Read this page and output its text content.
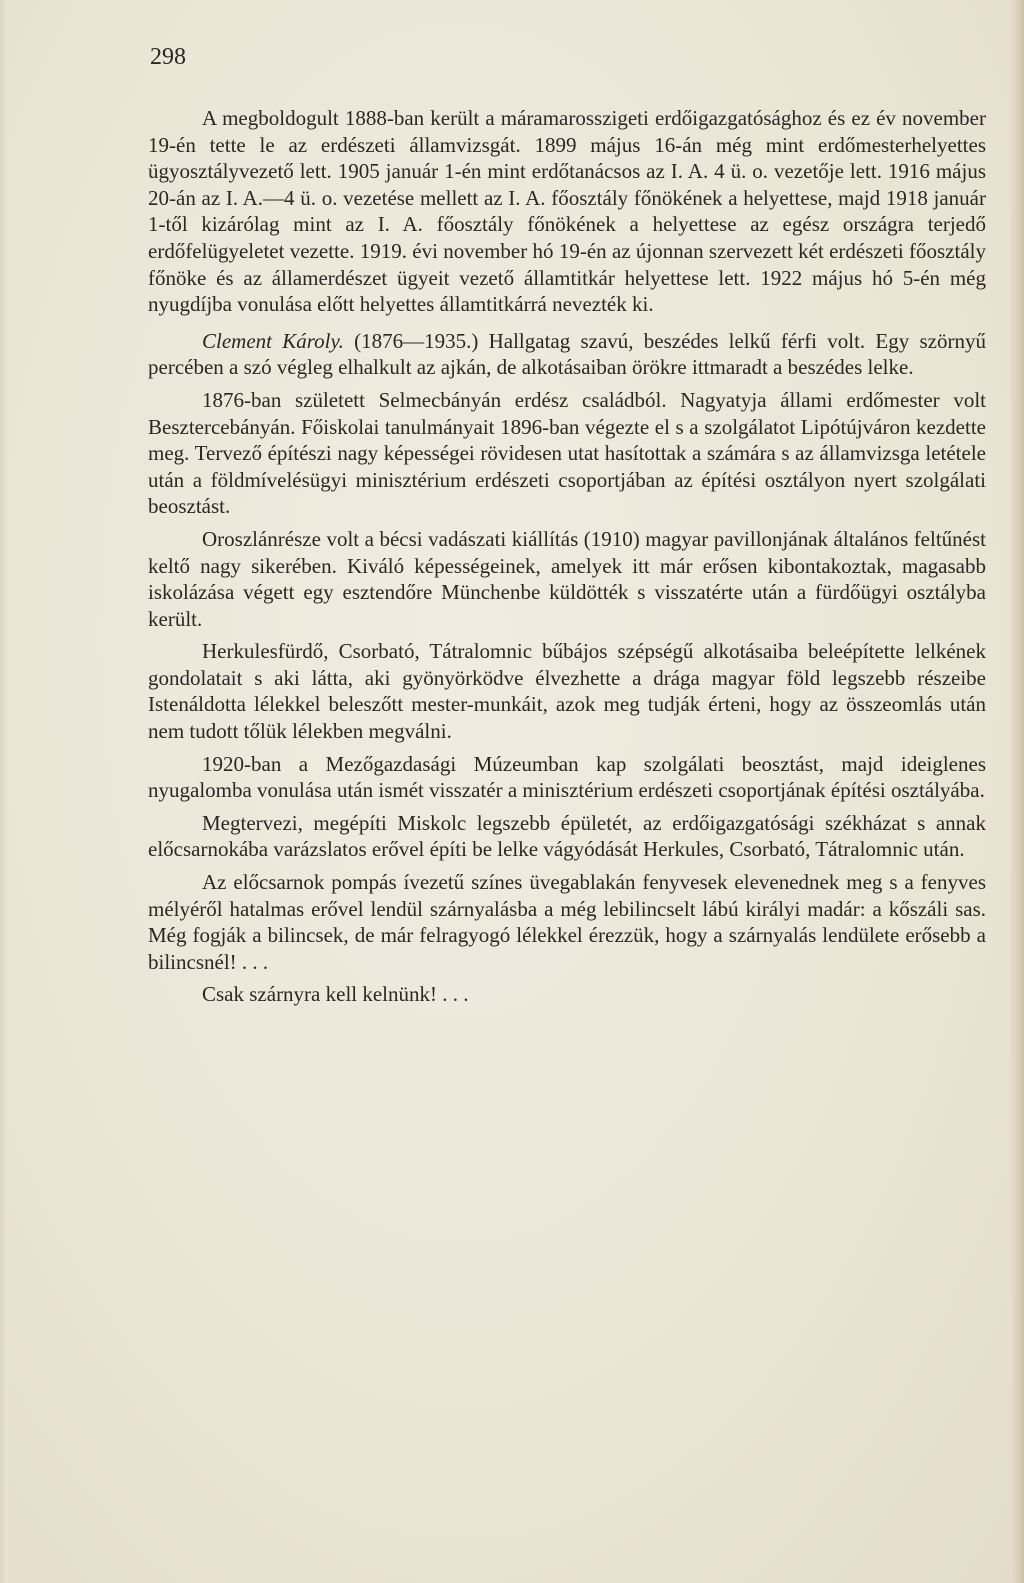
298

A megboldogult 1888-ban került a máramarosszigeti erdőigazgatósághoz és ez év november 19-én tette le az erdészeti államvizsgát. 1899 május 16-án még mint erdőmesterhelyettes ügyosztályvezető lett. 1905 január 1-én mint erdőtanácsos az I. A. 4 ü. o. vezetője lett. 1916 május 20-án az I. A.—4 ü. o. vezetése mellett az I. A. főosztály főnökének a helyettese, majd 1918 január 1-től kizárólag mint az I. A. főosztály főnökének a helyettese az egész országra terjedő erdőfelügyeletet vezette. 1919. évi november hó 19-én az újonnan szervezett két erdészeti főosztály főnöke és az államerdészet ügyeit vezető államtitkár helyettese lett. 1922 május hó 5-én még nyugdíjba vonulása előtt helyettes államtitkárrá nevezték ki.

Clement Károly. (1876—1935.) Hallgatag szavú, beszédes lelkű férfi volt. Egy szörnyű percében a szó végleg elhalkult az ajkán, de alkotásaiban örökre ittmaradt a beszédes lelke.

1876-ban született Selmecbányán erdész családból. Nagyatyja állami erdőmester volt Besztercebányán. Főiskolai tanulmányait 1896-ban végezte el s a szolgálatot Lipótújváron kezdette meg. Tervező építészi nagy képességei rövidesen utat hasítottak a számára s az államvizsga letétele után a földmívelésügyi minisztérium erdészeti csoportjában az építési osztályon nyert szolgálati beosztást.

Oroszlánrésze volt a bécsi vadászati kiállítás (1910) magyar pavillonjának általános feltűnést keltő nagy sikerében. Kiváló képességeinek, amelyek itt már erősen kibontakoztak, magasabb iskolázása végett egy esztendőre Münchenbe küldötték s visszatérte után a fürdőügyi osztályba került.

Herkulesfürdő, Csorbató, Tátralomnic bűbájos szépségű alkotásaiba beleépítette lelkének gondolatait s aki látta, aki gyönyörködve élvezhette a drága magyar föld legszebb részeibe Istenáldotta lélekkel beleszőtt mester-munkáit, azok meg tudják érteni, hogy az összeomlás után nem tudott tőlük lélekben megválni.

1920-ban a Mezőgazdasági Múzeumban kap szolgálati beosztást, majd ideiglenes nyugalomba vonulása után ismét visszatér a minisztérium erdészeti csoportjának építési osztályába.

Megtervezi, megépíti Miskolc legszebb épületét, az erdőigazgatósági székházat s annak előcsarnokába varázslatos erővel építi be lelke vágyódását Herkules, Csorbató, Tátralomnic után.

Az előcsarnok pompás ívezetű színes üvegablakán fenyvesek elevenednek meg s a fenyves mélyéről hatalmas erővel lendül szárnyalásba a még lebilincselt lábú királyi madár: a kőszáli sas. Még fogják a bilincsek, de már felragyogó lélekkel érezzük, hogy a szárnyalás lendülete erősebb a bilincsnél! . . .

Csak szárnyra kell kelnünk! . . .
